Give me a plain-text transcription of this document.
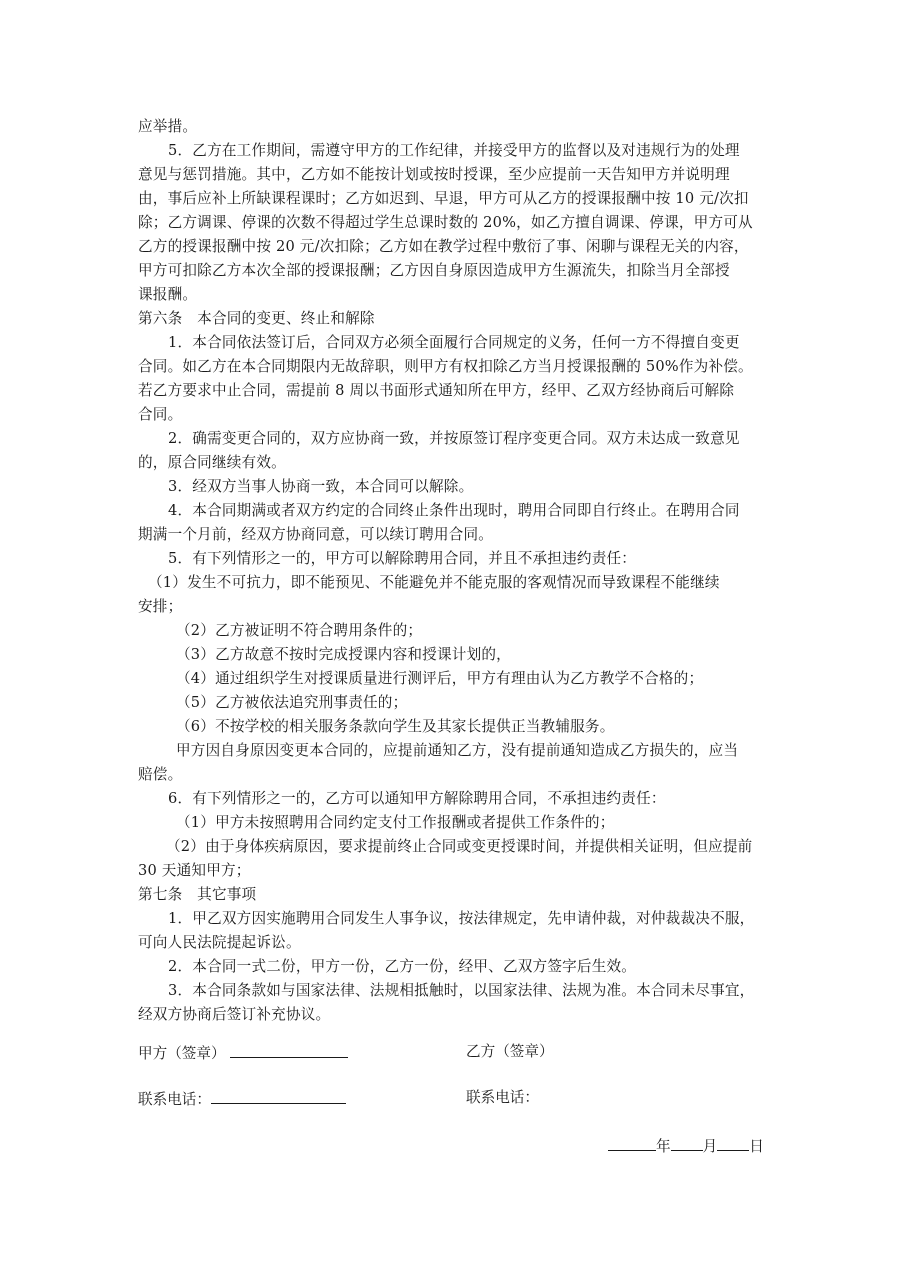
应举措。
5．乙方在工作期间，需遵守甲方的工作纪律，并接受甲方的监督以及对违规行为的处理
意见与惩罚措施。其中，乙方如不能按计划或按时授课，至少应提前一天告知甲方并说明理
由，事后应补上所缺课程课时；乙方如迟到、早退，甲方可从乙方的授课报酬中按 10 元/次扣
除；乙方调课、停课的次数不得超过学生总课时数的 20%，如乙方擅自调课、停课，甲方可从
乙方的授课报酬中按 20 元/次扣除；乙方如在教学过程中敷衍了事、闲聊与课程无关的内容，
甲方可扣除乙方本次全部的授课报酬；乙方因自身原因造成甲方生源流失，扣除当月全部授
课报酬。
第六条　本合同的变更、终止和解除
1．本合同依法签订后，合同双方必须全面履行合同规定的义务，任何一方不得擅自变更
合同。如乙方在本合同期限内无故辞职，则甲方有权扣除乙方当月授课报酬的 50%作为补偿。
若乙方要求中止合同，需提前 8 周以书面形式通知所在甲方，经甲、乙双方经协商后可解除
合同。
2．确需变更合同的，双方应协商一致，并按原签订程序变更合同。双方未达成一致意见
的，原合同继续有效。
3．经双方当事人协商一致，本合同可以解除。
4．本合同期满或者双方约定的合同终止条件出现时，聘用合同即自行终止。在聘用合同
期满一个月前，经双方协商同意，可以续订聘用合同。
5．有下列情形之一的，甲方可以解除聘用合同，并且不承担违约责任：
（1）发生不可抗力，即不能预见、不能避免并不能克服的客观情况而导致课程不能继续
安排；
（2）乙方被证明不符合聘用条件的；
（3）乙方故意不按时完成授课内容和授课计划的，
（4）通过组织学生对授课质量进行测评后，甲方有理由认为乙方教学不合格的；
（5）乙方被依法追究刑事责任的；
（6）不按学校的相关服务条款向学生及其家长提供正当教辅服务。
甲方因自身原因变更本合同的，应提前通知乙方，没有提前通知造成乙方损失的，应当
赔偿。
6．有下列情形之一的，乙方可以通知甲方解除聘用合同，不承担违约责任：
（1）甲方未按照聘用合同约定支付工作报酬或者提供工作条件的；
（2）由于身体疾病原因，要求提前终止合同或变更授课时间，并提供相关证明，但应提前
30 天通知甲方；
第七条　其它事项
1．甲乙双方因实施聘用合同发生人事争议，按法律规定，先申请仲裁，对仲裁裁决不服，
可向人民法院提起诉讼。
2．本合同一式二份，甲方一份，乙方一份，经甲、乙双方签字后生效。
3．本合同条款如与国家法律、法规相抵触时，以国家法律、法规为准。本合同未尽事宜，
经双方协商后签订补充协议。
甲方（签章）	乙方（签章）
联系电话：	联系电话：
年 月 日
